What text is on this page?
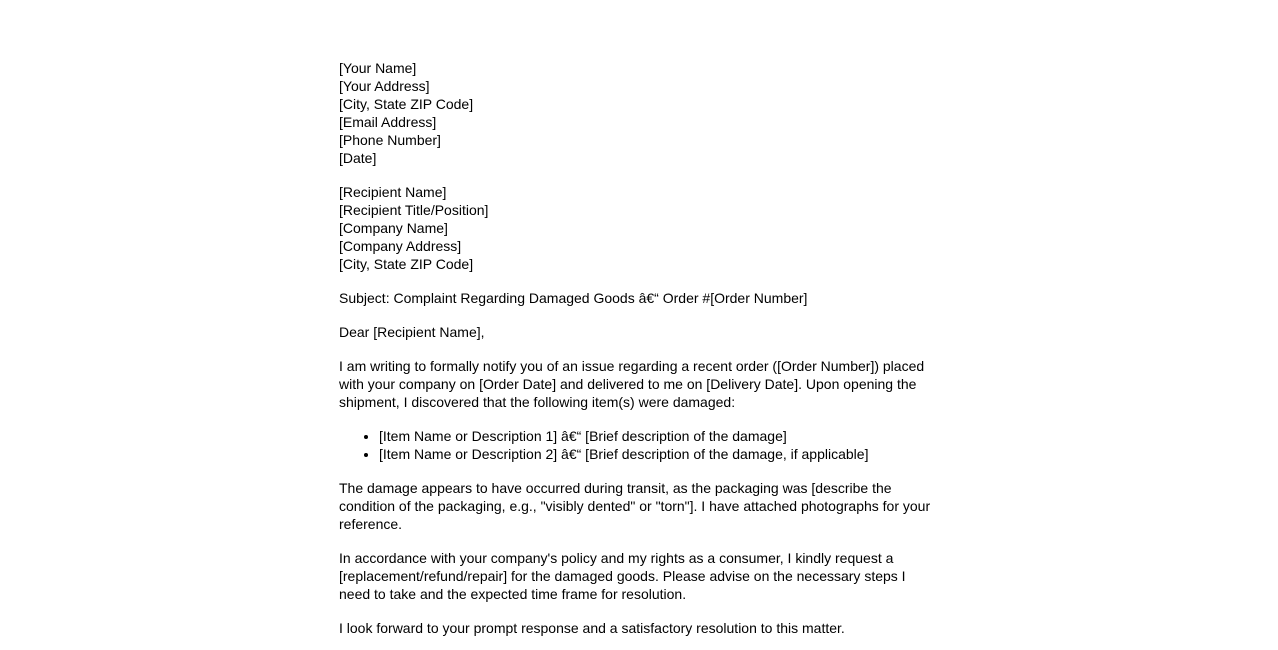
[Your Name]
[Your Address]
[City, State ZIP Code]
[Email Address]
[Phone Number]
[Date]
[Recipient Name]
[Recipient Title/Position]
[Company Name]
[Company Address]
[City, State ZIP Code]
Subject: Complaint Regarding Damaged Goods â€“ Order #[Order Number]
Dear [Recipient Name],
I am writing to formally notify you of an issue regarding a recent order ([Order Number]) placed with your company on [Order Date] and delivered to me on [Delivery Date]. Upon opening the shipment, I discovered that the following item(s) were damaged:
• [Item Name or Description 1] â€“ [Brief description of the damage]
• [Item Name or Description 2] â€“ [Brief description of the damage, if applicable]
The damage appears to have occurred during transit, as the packaging was [describe the condition of the packaging, e.g., "visibly dented" or "torn"]. I have attached photographs for your reference.
In accordance with your company's policy and my rights as a consumer, I kindly request a [replacement/refund/repair] for the damaged goods. Please advise on the necessary steps I need to take and the expected time frame for resolution.
I look forward to your prompt response and a satisfactory resolution to this matter.
